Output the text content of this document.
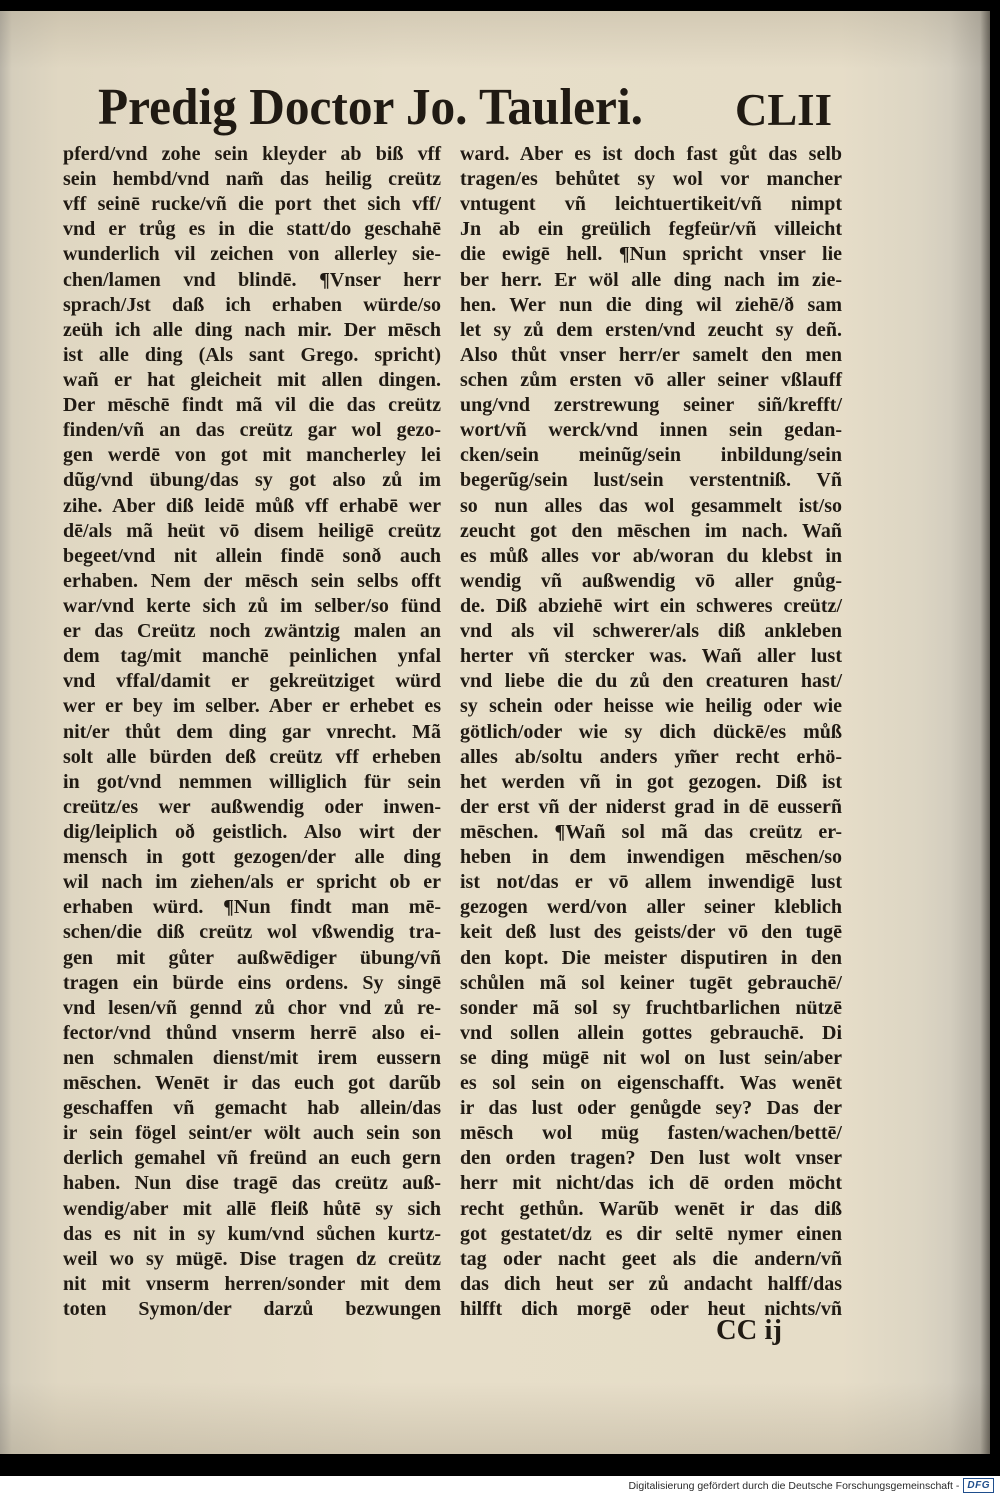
Predig Doctor Jo. Tauleri. CLII
pferd/vnd zohe sein kleyder ab biß vff
sein hembd/vnd nam̃ das heilig creütz
vff seinē rucke/vñ die port thet sich vff/
vnd er trůg es in die statt/do geschahē
wunderlich vil zeichen von allerley sie-
chen/lamen vnd blindē. ¶Vnser herr
sprach/Jst daß ich erhaben würde/so
zeüh ich alle ding nach mir. Der mēsch
ist alle ding (Als sant Grego. spricht)
wañ er hat gleicheit mit allen dingen.
Der mēschē findt mã vil die das creütz
finden/vñ an das creütz gar wol gezo-
gen werdē von got mit mancherley lei
dũg/vnd übung/das sy got also zů im
zihe. Aber diß leidē můß vff erhabē wer
dē/als mã heüt vō disem heiligē creütz
begeet/vnd nit allein findē sonð auch
erhaben. Nem der mēsch sein selbs offt
war/vnd kerte sich zů im selber/so fünd
er das Creütz noch zwäntzig malen an
dem tag/mit manchē peinlichen ynfal
vnd vffal/damit er gekreütziget würd
wer er bey im selber. Aber er erhebet es
nit/er thůt dem ding gar vnrecht. Mã
solt alle bürden deß creütz vff erheben
in got/vnd nemmen williglich für sein
creütz/es wer außwendig oder inwen-
dig/leiplich oð geistlich. Also wirt der
mensch in gott gezogen/der alle ding
wil nach im ziehen/als er spricht ob er
erhaben würd. ¶Nun findt man mē-
schen/die diß creütz wol vßwendig tra-
gen mit gůter außwēdiger übung/vñ
tragen ein bürde eins ordens. Sy singē
vnd lesen/vñ gennd zů chor vnd zů re-
fector/vnd thůnd vnserm herrē also ei-
nen schmalen dienst/mit irem eussern
mēschen. Wenēt ir das euch got darũb
geschaffen vñ gemacht hab allein/das
ir sein fögel seint/er wölt auch sein son
derlich gemahel vñ freünd an euch gern
haben. Nun dise tragē das creütz auß-
wendig/aber mit allē fleiß hůtē sy sich
das es nit in sy kum/vnd sůchen kurtz-
weil wo sy mügē. Dise tragen dz creütz
nit mit vnserm herren/sonder mit dem
toten Symon/der darzů bezwungen
ward. Aber es ist doch fast gůt das selb
tragen/es behůtet sy wol vor mancher
vntugent vñ leichtuertikeit/vñ nimpt
Jn ab ein greülich fegfeür/vñ villeicht
die ewigē hell. ¶Nun spricht vnser lie
ber herr. Er wöl alle ding nach im zie-
hen. Wer nun die ding wil ziehē/ð sam
let sy zů dem ersten/vnd zeucht sy deñ.
Also thůt vnser herr/er samelt den men
schen zům ersten vō aller seiner vßlauff
ung/vnd zerstrewung seiner siñ/krefft/
wort/vñ werck/vnd innen sein gedan-
cken/sein meinũg/sein inbildung/sein
begerũg/sein lust/sein verstentniß. Vñ
so nun alles das wol gesammelt ist/so
zeucht got den mēschen im nach. Wañ
es můß alles vor ab/woran du klebst in
wendig vñ außwendig vō aller gnůg-
de. Diß abziehē wirt ein schweres creütz/
vnd als vil schwerer/als diß ankleben
herter vñ stercker was. Wañ aller lust
vnd liebe die du zů den creaturen hast/
sy schein oder heisse wie heilig oder wie
götlich/oder wie sy dich dückē/es můß
alles ab/soltu anders ym̃er recht erhö-
het werden vñ in got gezogen. Diß ist
der erst vñ der niderst grad in dē eusserñ
mēschen. ¶Wañ sol mã das creütz er-
heben in dem inwendigen mēschen/so
ist not/das er vō allem inwendigē lust
gezogen werd/von aller seiner kleblich
keit deß lust des geists/der vō den tugē
den kopt. Die meister disputiren in den
schůlen mã sol keiner tugēt gebrauchē/
sonder mã sol sy fruchtbarlichen nützē
vnd sollen allein gottes gebrauchē. Di
se ding mügē nit wol on lust sein/aber
es sol sein on eigenschafft. Was wenēt
ir das lust oder genůgde sey? Das der
mēsch wol müg fasten/wachen/bettē/
den orden tragen? Den lust wolt vnser
herr mit nicht/das ich dē orden möcht
recht gethůn. Warũb wenēt ir das diß
got gestatet/dz es dir seltē nymer einen
tag oder nacht geet als die andern/vñ
das dich heut ser zů andacht halff/das
hilfft dich morgē oder heut nichts/vñ
CC ij
Digitalisierung gefördert durch die Deutsche Forschungsgemeinschaft - DFG
